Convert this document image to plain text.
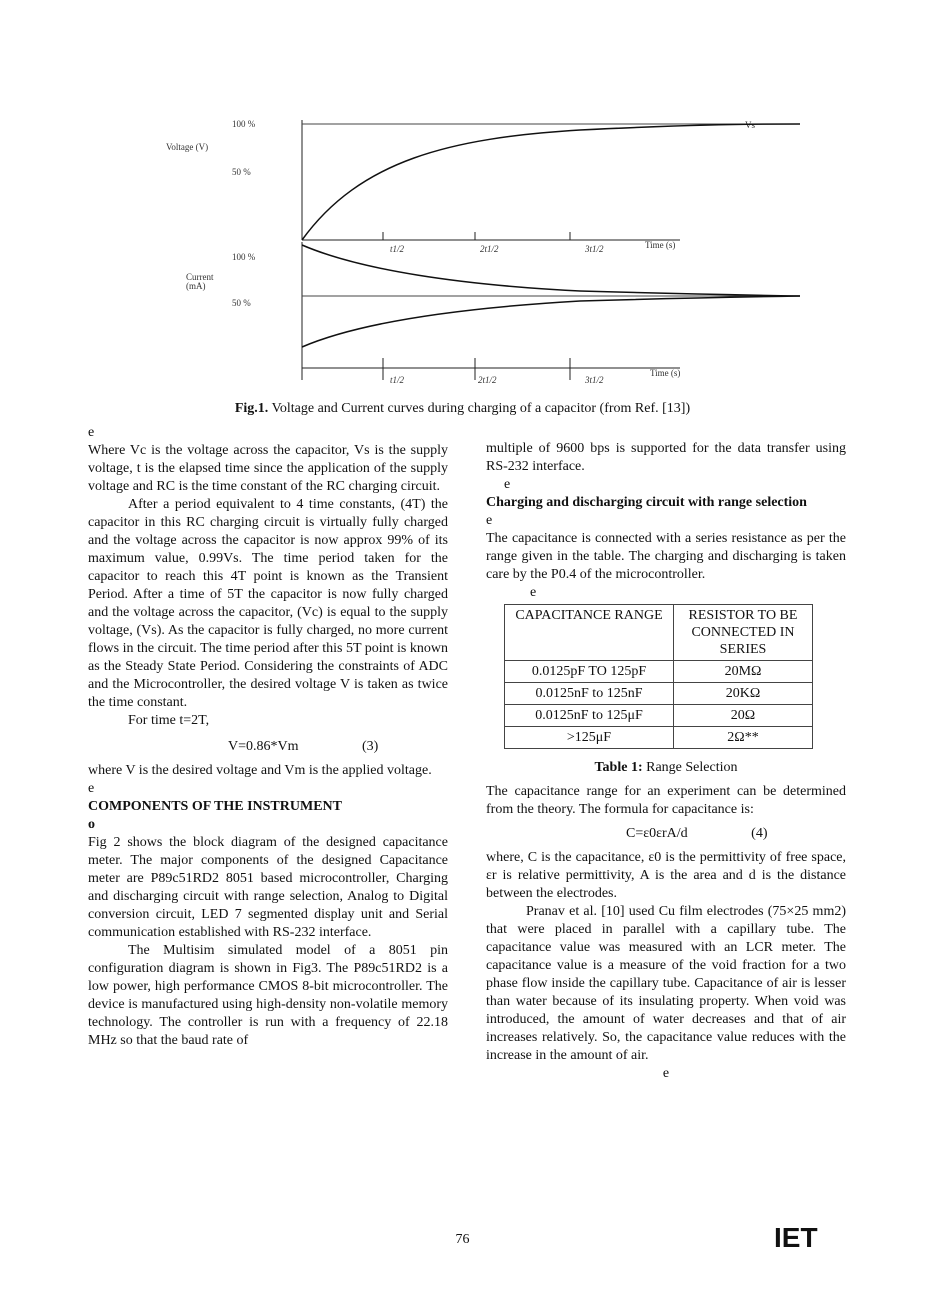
Voltage (V)
100 %
50 %
Vs
t1/2	2t1/2	3t1/2	Time (s)
100 %
Current
(mA)
50 %
t1/2	2t1/2	3t1/2
Time (s)
Fig.1. Voltage and Current curves during charging of a capacitor (from Ref. [13])

e

Where Vc is the voltage across the capacitor, Vs is the supply voltage, t is the elapsed time since the application of the supply voltage and RC is the time constant of the RC charging circuit.

After a period equivalent to 4 time constants, (4T) the capacitor in this RC charging circuit is virtually fully charged and the voltage across the capacitor is now approx 99% of its maximum value, 0.99Vs. The time period taken for the capacitor to reach this 4T point is known as the Transient Period. After a time of 5T the capacitor is now fully charged and the voltage across the capacitor, (Vc) is equal to the supply voltage, (Vs). As the capacitor is fully charged, no more current flows in the circuit. The time period after this 5T point is known as the Steady State Period. Considering the constraints of ADC and the Microcontroller, the desired voltage V is taken as twice the time constant.

For time t=2T,

V=0.86*Vm	(3)

where V is the desired voltage and Vm is the applied voltage.

e

COMPONENTS OF THE INSTRUMENT

o

Fig 2 shows the block diagram of the designed capacitance meter. The major components of the designed Capacitance meter are P89c51RD2 8051 based microcontroller, Charging and discharging circuit with range selection, Analog to Digital conversion circuit, LED 7 segmented display unit and Serial communication established with RS-232 interface.

The Multisim simulated model of a 8051 pin configuration diagram is shown in Fig3. The P89c51RD2 is a low power, high performance CMOS 8-bit microcontroller. The device is manufactured using high-density non-volatile memory technology. The controller is run with a frequency of 22.18 MHz so that the baud rate of

multiple of 9600 bps is supported for the data transfer using RS-232 interface.

e

Charging and discharging circuit with range selection

e

The capacitance is connected with a series resistance as per the range given in the table. The charging and discharging is taken care by the P0.4 of the microcontroller.

e

CAPACITANCE RANGE	RESISTOR TO BE CONNECTED IN SERIES
0.0125pF TO 125pF	20MΩ
0.0125nF to 125nF	20KΩ
0.0125nF to 125μF	20Ω
>125μF	2Ω**

Table 1: Range Selection

The capacitance range for an experiment can be determined from the theory. The formula for capacitance is:

C=ε0εrA/d	(4)

where, C is the capacitance, ε0 is the permittivity of free space, εr is relative permittivity, A is the area and d is the distance between the electrodes.

Pranav et al. [10] used Cu film electrodes (75×25 mm2) that were placed in parallel with a capillary tube. The capacitance value was measured with an LCR meter. The capacitance value is a measure of the void fraction for a two phase flow inside the capillary tube. Capacitance of air is lesser than water because of its insulating property. When void was introduced, the amount of water decreases and that of air increases relatively. So, the capacitance value reduces with the increase in the amount of air.

e

76	IET
